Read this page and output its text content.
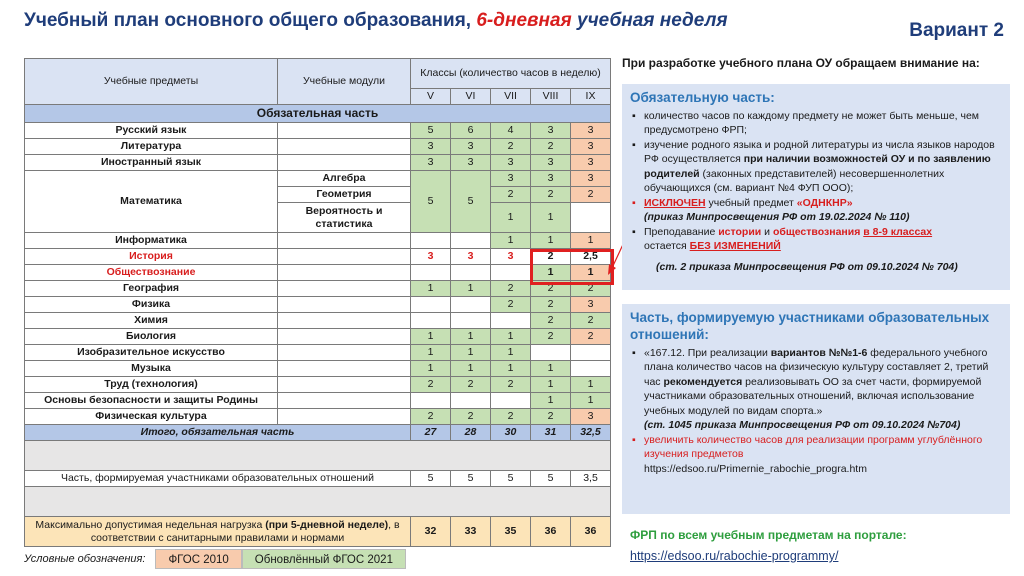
Учебный план основного общего образования, 6-дневная учебная неделя	Вариант 2
Учебные предметы	Учебные модули	Классы (количество часов в неделю)				
		V	VI	VII	VIII	IX
Обязательная часть						
Русский язык		5	6	4	3	3
Литература		3	3	2	2	3
Иностранный язык		3	3	3	3	3
Математика	Алгебра	5	5	3	3	3
	Геометрия			2	2	2
	Вероятность и статистика			1	1	
Информатика				1	1	1
История		3	3	3	2	2,5
Обществознание					1	1
География		1	1	2	2	2
Физика				2	2	3
Химия					2	2
Биология		1	1	1	2	2
Изобразительное искусство		1	1	1		
Музыка		1	1	1	1	
Труд (технология)		2	2	2	1	1
Основы безопасности и защиты Родины					1	1
Физическая культура		2	2	2	2	3
Итого, обязательная часть		27	28	30	31	32,5

Часть, формируемая участниками образовательных отношений		5	5	5	5	3,5

Максимально допустимая недельная нагрузка (при 5-дневной неделе), в соответствии с санитарными правилами и нормами		32	33	35	36	36
Условные обозначения:	ФГОС 2010	Обновлённый ФГОС 2021
При разработке учебного плана ОУ обращаем внимание на:
Обязательную часть:
▪ количество часов по каждому предмету не может быть меньше, чем предусмотрено ФРП;
▪ изучение родного языка и родной литературы из числа языков народов РФ осуществляется при наличии возможностей ОУ и по заявлению родителей (законных представителей) несовершеннолетних обучающихся (см. вариант №4 ФУП ООО);
▪ ИСКЛЮЧЕН учебный предмет «ОДНКНР»
(приказ Минпросвещения РФ от 19.02.2024 № 110)
▪ Преподавание истории и обществознания в 8-9 классах
остается БЕЗ ИЗМЕНЕНИЙ
(ст. 2 приказа Минпросвещения РФ от 09.10.2024 № 704)
Часть, формируемую участниками образовательных отношений:
▪ «167.12. При реализации вариантов №№1-6 федерального учебного плана количество часов на физическую культуру составляет 2, третий час рекомендуется реализовывать ОО за счет части, формируемой участниками образовательных отношений, включая использование учебных модулей по видам спорта.»
(ст. 1045 приказа Минпросвещения РФ от 09.10.2024 №704)
▪ увеличить количество часов для реализации программ углублённого изучения предметов
https://edsoo.ru/Primernie_rabochie_progra.htm
ФРП по всем учебным предметам на портале:
https://edsoo.ru/rabochie-programmy/
